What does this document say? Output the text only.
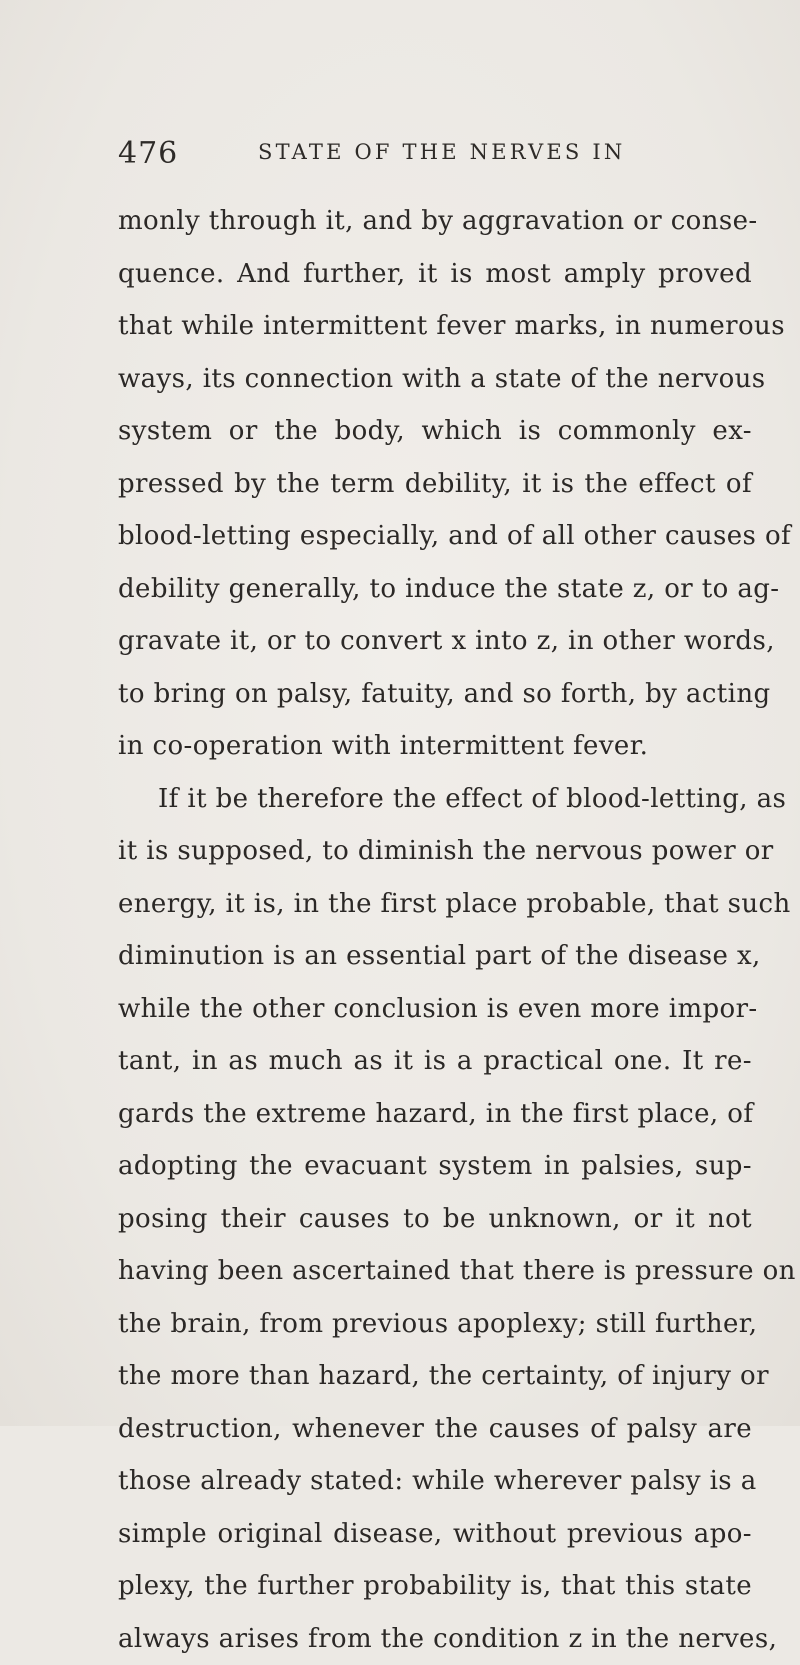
476	STATE OF THE NERVES IN
monly through it, and by aggravation or conse-
quence. And further, it is most amply proved
that while intermittent fever marks, in numerous
ways, its connection with a state of the nervous
system or the body, which is commonly ex-
pressed by the term debility, it is the effect of
blood-letting especially, and of all other causes of
debility generally, to induce the state z, or to ag-
gravate it, or to convert x into z, in other words,
to bring on palsy, fatuity, and so forth, by acting
in co-operation with intermittent fever.
If it be therefore the effect of blood-letting, as
it is supposed, to diminish the nervous power or
energy, it is, in the first place probable, that such
diminution is an essential part of the disease x,
while the other conclusion is even more impor-
tant, in as much as it is a practical one. It re-
gards the extreme hazard, in the first place, of
adopting the evacuant system in palsies, sup-
posing their causes to be unknown, or it not
having been ascertained that there is pressure on
the brain, from previous apoplexy; still further,
the more than hazard, the certainty, of injury or
destruction, whenever the causes of palsy are
those already stated: while wherever palsy is a
simple original disease, without previous apo-
plexy, the further probability is, that this state
always arises from the condition z in the nerves,
